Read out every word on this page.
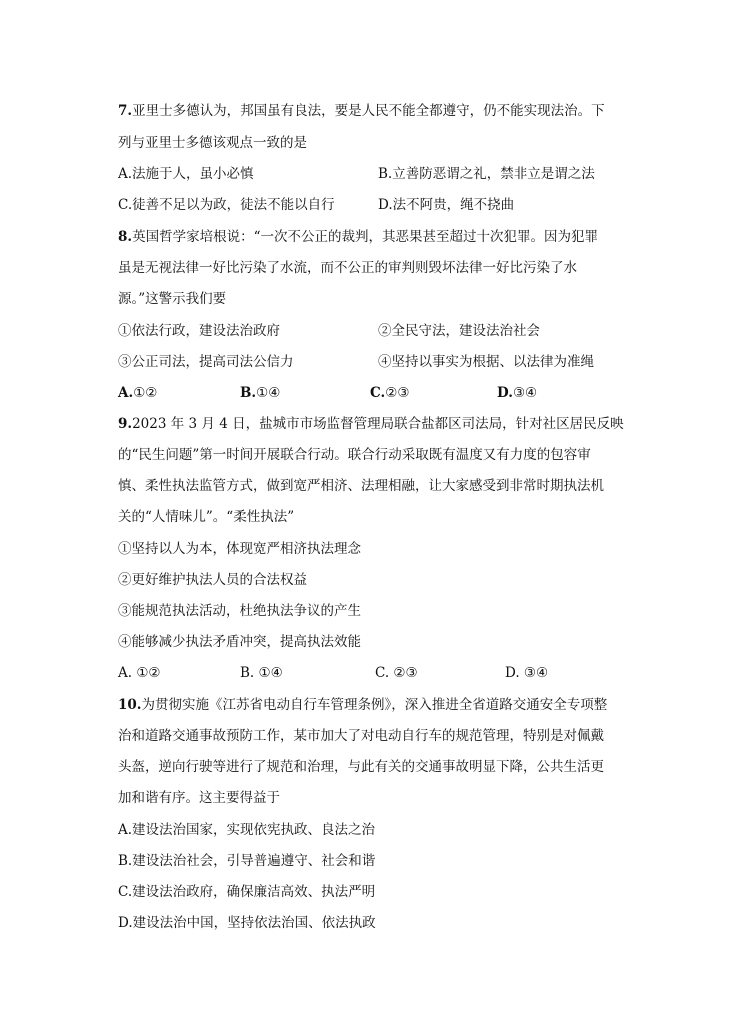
7.亚里士多德认为，邦国虽有良法，要是人民不能全都遵守，仍不能实现法治。下
列与亚里士多德该观点一致的是
A.法施于人，虽小必慎	B.立善防恶谓之礼，禁非立是谓之法
C.徒善不足以为政，徒法不能以自行	D.法不阿贵，绳不挠曲
8.英国哲学家培根说：“一次不公正的裁判，其恶果甚至超过十次犯罪。因为犯罪
虽是无视法律一好比污染了水流，而不公正的审判则毁坏法律一好比污染了水
源。”这警示我们要
①依法行政，建设法治政府	②全民守法，建设法治社会
③公正司法，提高司法公信力	④坚持以事实为根据、以法律为准绳
A.①②	B.①④	C.②③	D.③④
9.2023 年 3 月 4 日，盐城市市场监督管理局联合盐都区司法局，针对社区居民反映
的“民生问题”第一时间开展联合行动。联合行动采取既有温度又有力度的包容审
慎、柔性执法监管方式，做到宽严相济、法理相融，让大家感受到非常时期执法机
关的“人情味儿”。“柔性执法”
①坚持以人为本，体现宽严相济执法理念
②更好维护执法人员的合法权益
③能规范执法活动，杜绝执法争议的产生
④能够减少执法矛盾冲突，提高执法效能
A. ①②	B. ①④	C. ②③	D. ③④
10.为贯彻实施《江苏省电动自行车管理条例》，深入推进全省道路交通安全专项整
治和道路交通事故预防工作，某市加大了对电动自行车的规范管理，特别是对佩戴
头盔，逆向行驶等进行了规范和治理，与此有关的交通事故明显下降，公共生活更
加和谐有序。这主要得益于
A.建设法治国家，实现依宪执政、良法之治
B.建设法治社会，引导普遍遵守、社会和谐
C.建设法治政府，确保廉洁高效、执法严明
D.建设法治中国，坚持依法治国、依法执政
